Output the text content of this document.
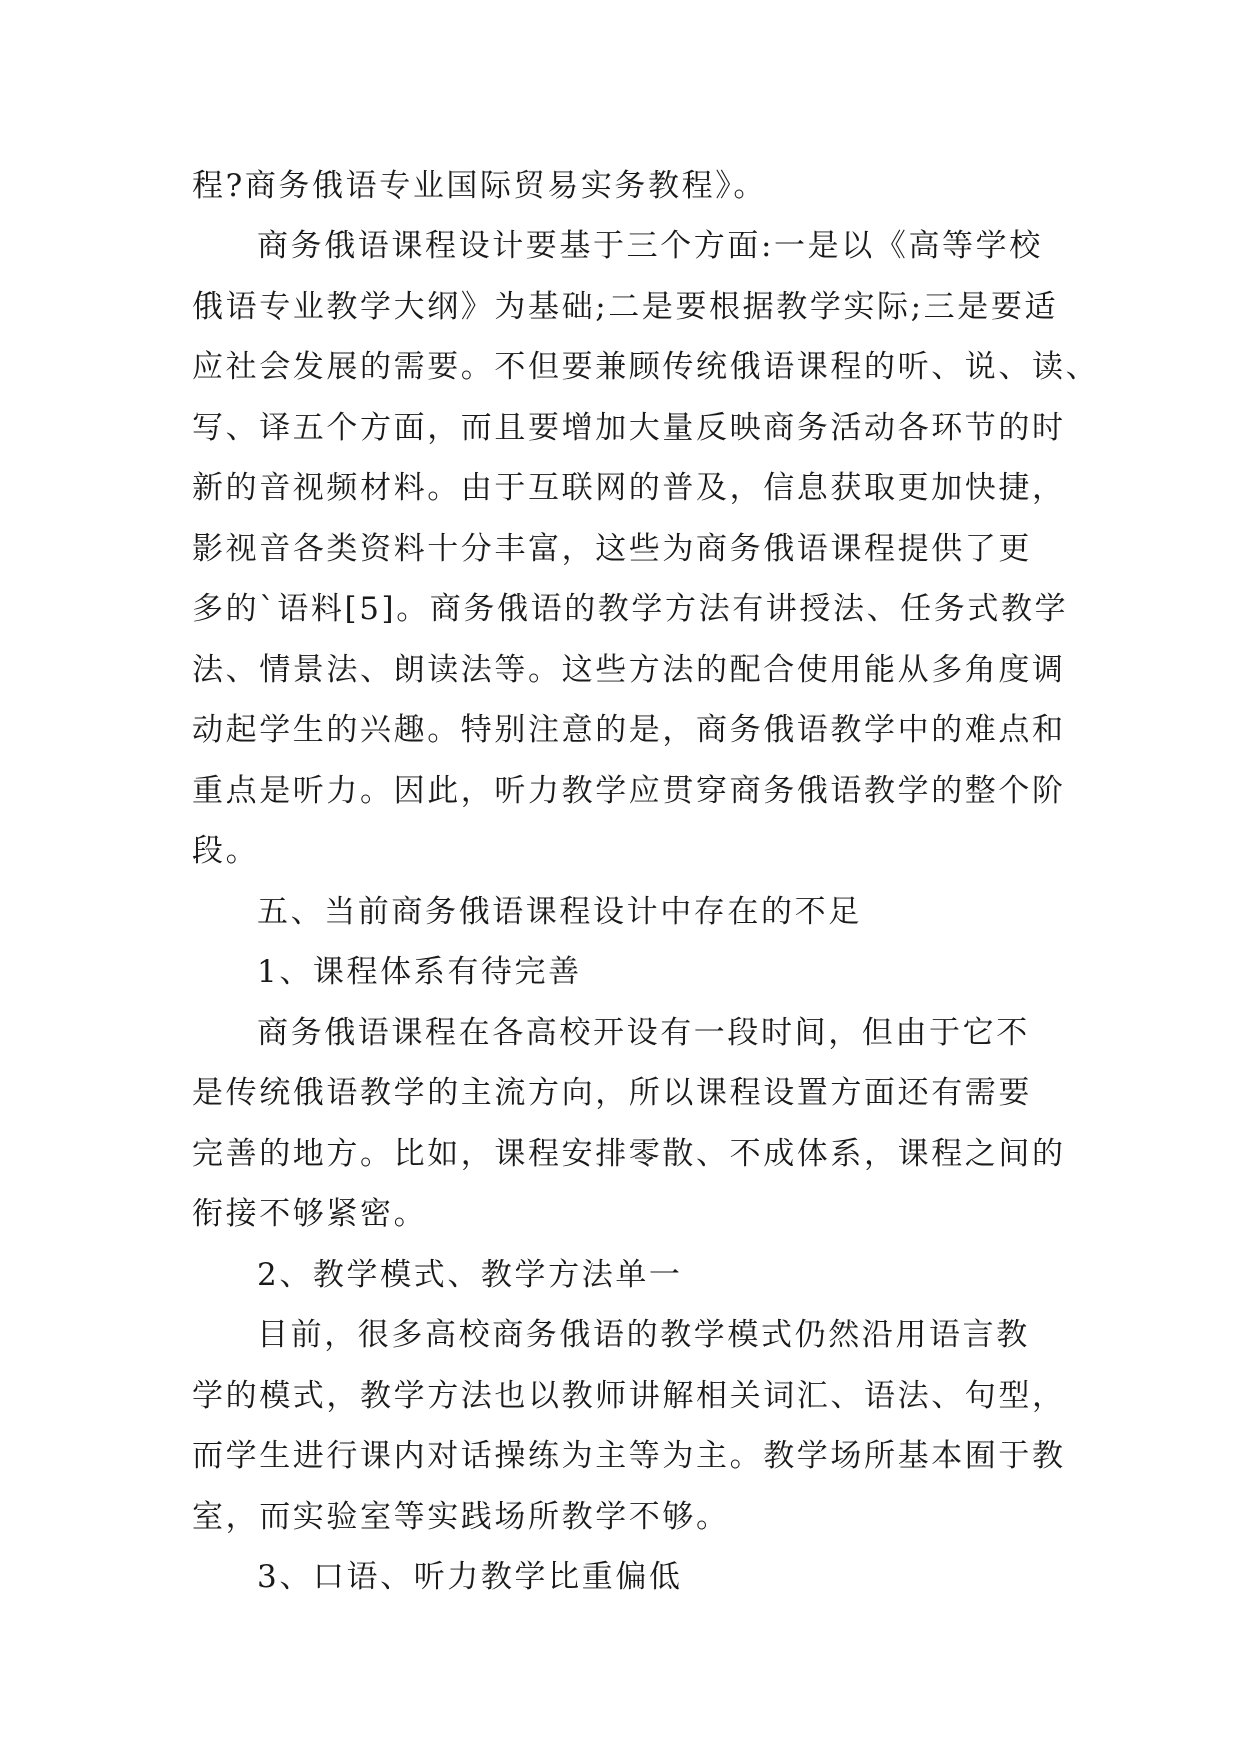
程?商务俄语专业国际贸易实务教程》。
商务俄语课程设计要基于三个方面:一是以《高等学校
俄语专业教学大纲》为基础;二是要根据教学实际;三是要适
应社会发展的需要。不但要兼顾传统俄语课程的听、说、读、
写、译五个方面，而且要增加大量反映商务活动各环节的时
新的音视频材料。由于互联网的普及，信息获取更加快捷，
影视音各类资料十分丰富，这些为商务俄语课程提供了更
多的`语料[5]。商务俄语的教学方法有讲授法、任务式教学
法、情景法、朗读法等。这些方法的配合使用能从多角度调
动起学生的兴趣。特别注意的是，商务俄语教学中的难点和
重点是听力。因此，听力教学应贯穿商务俄语教学的整个阶
段。
五、当前商务俄语课程设计中存在的不足
1、课程体系有待完善
商务俄语课程在各高校开设有一段时间，但由于它不
是传统俄语教学的主流方向，所以课程设置方面还有需要
完善的地方。比如，课程安排零散、不成体系，课程之间的
衔接不够紧密。
2、教学模式、教学方法单一
目前，很多高校商务俄语的教学模式仍然沿用语言教
学的模式，教学方法也以教师讲解相关词汇、语法、句型，
而学生进行课内对话操练为主等为主。教学场所基本囿于教
室，而实验室等实践场所教学不够。
3、口语、听力教学比重偏低
